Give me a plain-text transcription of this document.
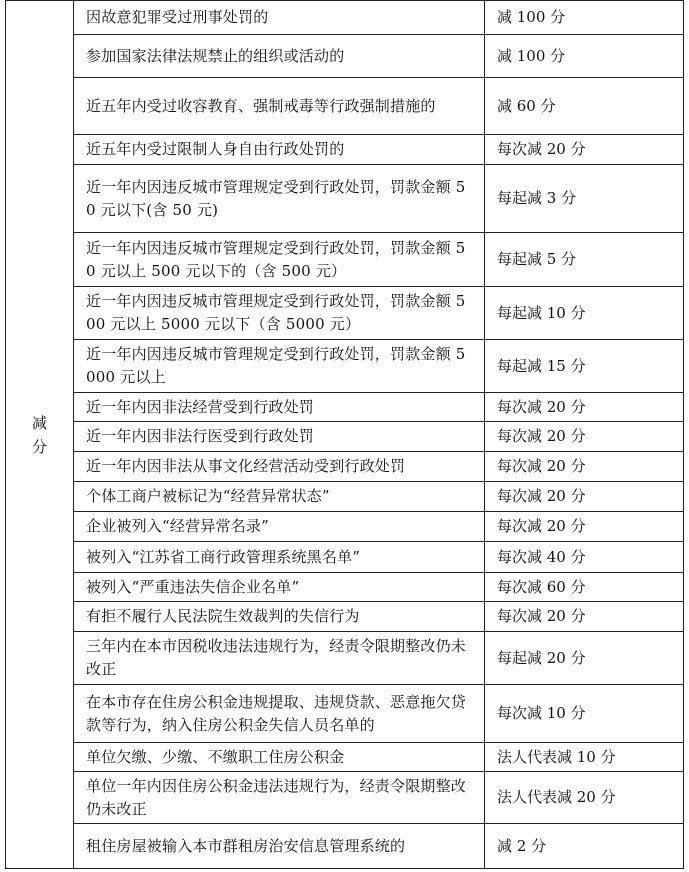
减分	因故意犯罪受过刑事处罚的	减 100 分
	参加国家法律法规禁止的组织或活动的	减 100 分
	近五年内受过收容教育、强制戒毒等行政强制措施的	减 60 分
	近五年内受过限制人身自由行政处罚的	每次减 20 分
	近一年内因违反城市管理规定受到行政处罚，罚款金额 50 元以下(含 50 元)	每起减 3 分
	近一年内因违反城市管理规定受到行政处罚，罚款金额 50 元以上 500 元以下的（含 500 元）	每起减 5 分
	近一年内因违反城市管理规定受到行政处罚，罚款金额 500 元以上 5000 元以下（含 5000 元）	每起减 10 分
	近一年内因违反城市管理规定受到行政处罚，罚款金额 5000 元以上	每起减 15 分
	近一年内因非法经营受到行政处罚	每次减 20 分
	近一年内因非法行医受到行政处罚	每次减 20 分
	近一年内因非法从事文化经营活动受到行政处罚	每次减 20 分
	个体工商户被标记为“经营异常状态”	每次减 20 分
	企业被列入“经营异常名录”	每次减 20 分
	被列入“江苏省工商行政管理系统黑名单”	每次减 40 分
	被列入“严重违法失信企业名单”	每次减 60 分
	有拒不履行人民法院生效裁判的失信行为	每次减 20 分
	三年内在本市因税收违法违规行为，经责令限期整改仍未改正	每起减 20 分
	在本市存在住房公积金违规提取、违规贷款、恶意拖欠贷款等行为，纳入住房公积金失信人员名单的	每次减 10 分
	单位欠缴、少缴、不缴职工住房公积金	法人代表减 10 分
	单位一年内因住房公积金违法违规行为，经责令限期整改仍未改正	法人代表减 20 分
	租住房屋被输入本市群租房治安信息管理系统的	减 2 分
